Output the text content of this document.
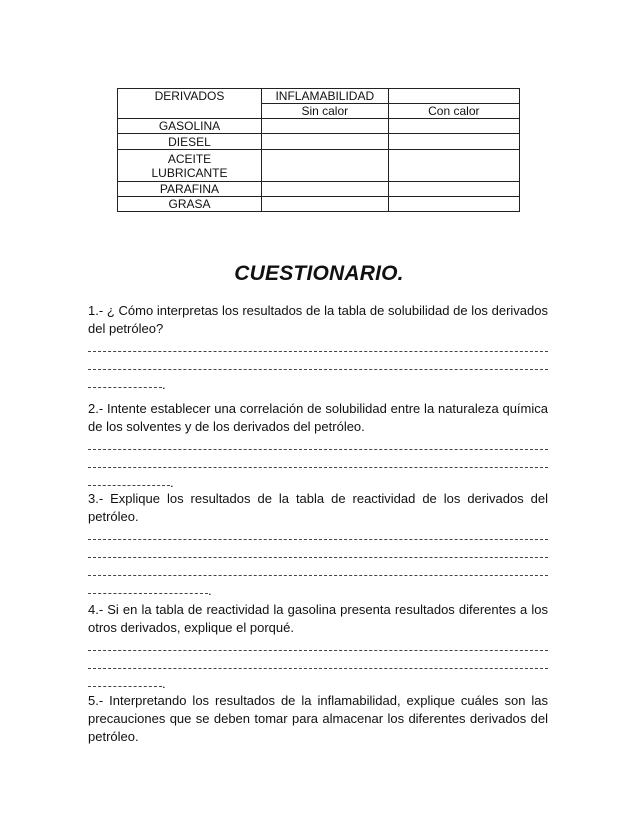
DERIVADOS	INFLAMABILIDAD	
	Sin calor	Con calor
GASOLINA		
DIESEL		

ACEITE
LUBRICANTE		

PARAFINA		
GRASA		
CUESTIONARIO.
1.- ¿ Cómo interpretas los resultados de la tabla de solubilidad de los derivados del petróleo?
.
2.- Intente establecer una correlación de solubilidad entre la naturaleza química de los solventes y de los derivados del petróleo.
.
3.- Explique los resultados de la tabla de reactividad de los derivados del petróleo.
.
4.- Si en la tabla de reactividad la gasolina presenta resultados diferentes a los otros derivados, explique el porqué.
.
5.- Interpretando los resultados de la inflamabilidad, explique cuáles son las precauciones que se deben tomar para almacenar los diferentes derivados del petróleo.
